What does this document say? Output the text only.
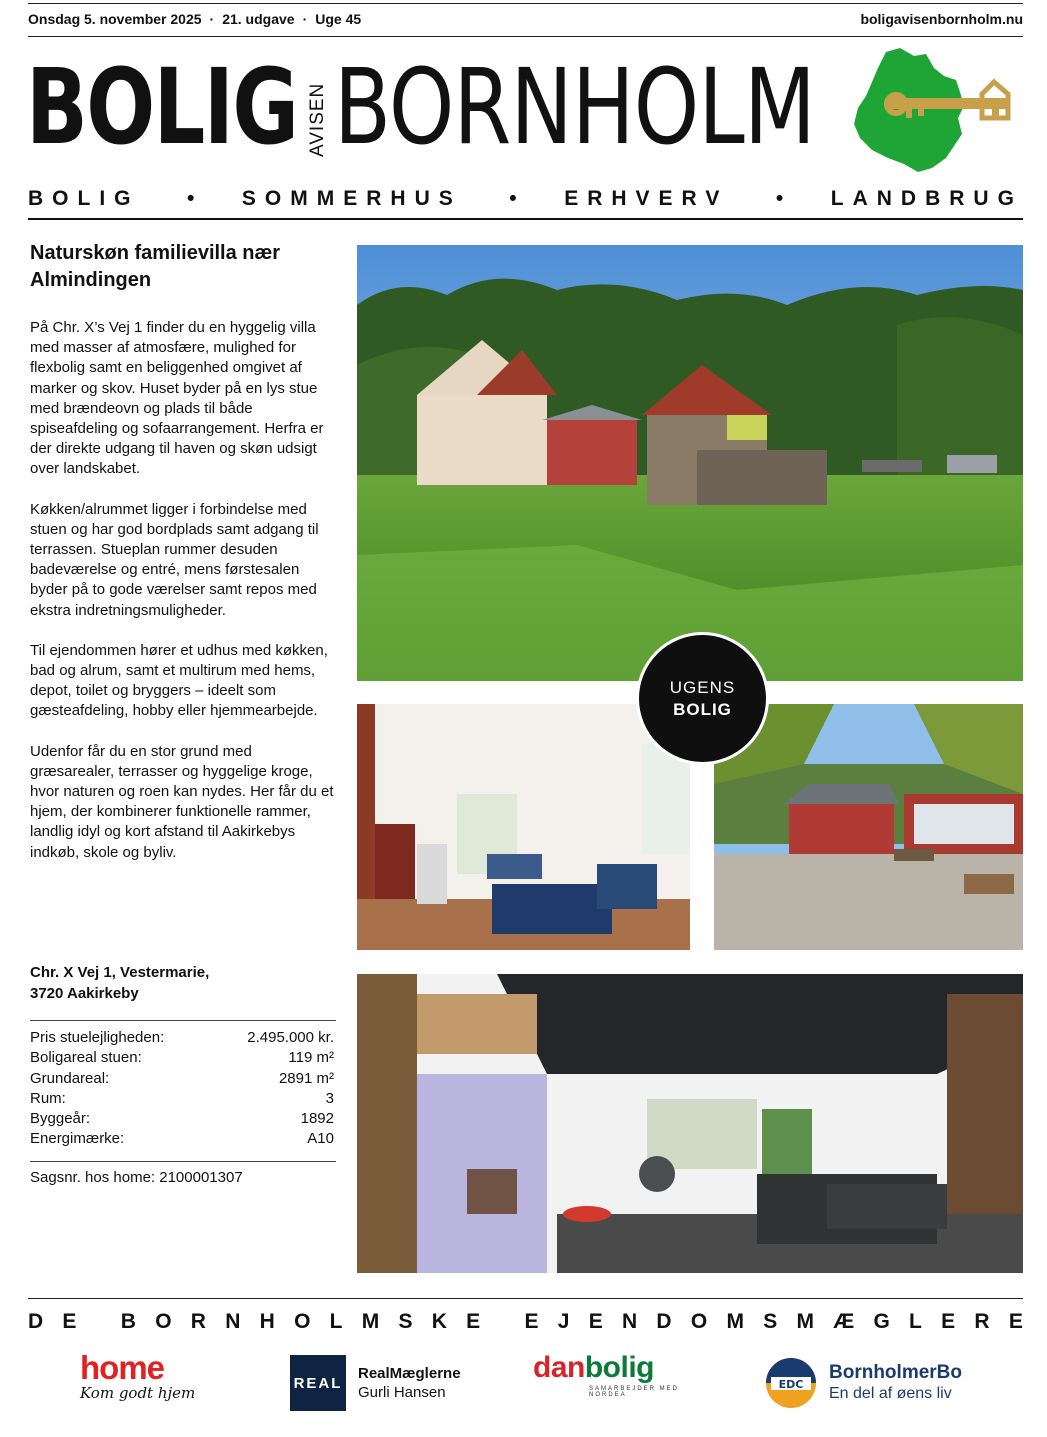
Onsdag 5. november 2025 · 21. udgave · Uge 45	boligavisenbornholm.nu
BOLIG AVISEN BORNHOLM
BOLIG • SOMMERHUS • ERHVERV • LANDBRUG
Naturskøn familievilla nær Almindingen

På Chr. X’s Vej 1 finder du en hyggelig villa med masser af atmosfære, mulighed for flexbolig samt en beliggenhed omgivet af marker og skov. Huset byder på en lys stue med brændeovn og plads til både spiseafdeling og sofaarrangement. Herfra er der direkte udgang til haven og skøn udsigt over landskabet.

Køkken/alrummet ligger i forbindelse med stuen og har god bordplads samt adgang til terrassen. Stueplan rummer desuden badeværelse og entré, mens førstesalen byder på to gode værelser samt repos med ekstra indretningsmuligheder.

Til ejendommen hører et udhus med køkken, bad og alrum, samt et multirum med hems, depot, toilet og bryggers – ideelt som gæsteafdeling, hobby eller hjemmearbejde.

Udenfor får du en stor grund med græsarealer, terrasser og hyggelige kroge, hvor naturen og roen kan nydes. Her får du et hjem, der kombinerer funktionelle rammer, landlig idyl og kort afstand til Aakirkebys indkøb, skole og byliv.

Chr. X Vej 1, Vestermarie,
3720 Aakirkeby
Pris stuelejligheden:	2.495.000 kr.
Boligareal stuen:	119 m²
Grundareal:	2891 m²
Rum:	3
Byggeår:	1892
Energimærke:	A10
Sagsnr. hos home: 2100001307
UGENS
BOLIG
D E
B O R N H O L M S K E
E J E N D O M S M Æ G L E R E
home
Kom godt hjem
REAL
RealMæglerne
Gurli Hansen
danbolig
SAMARBEJDER MED NORDEA
EDC
BornholmerBo
En del af øens liv
